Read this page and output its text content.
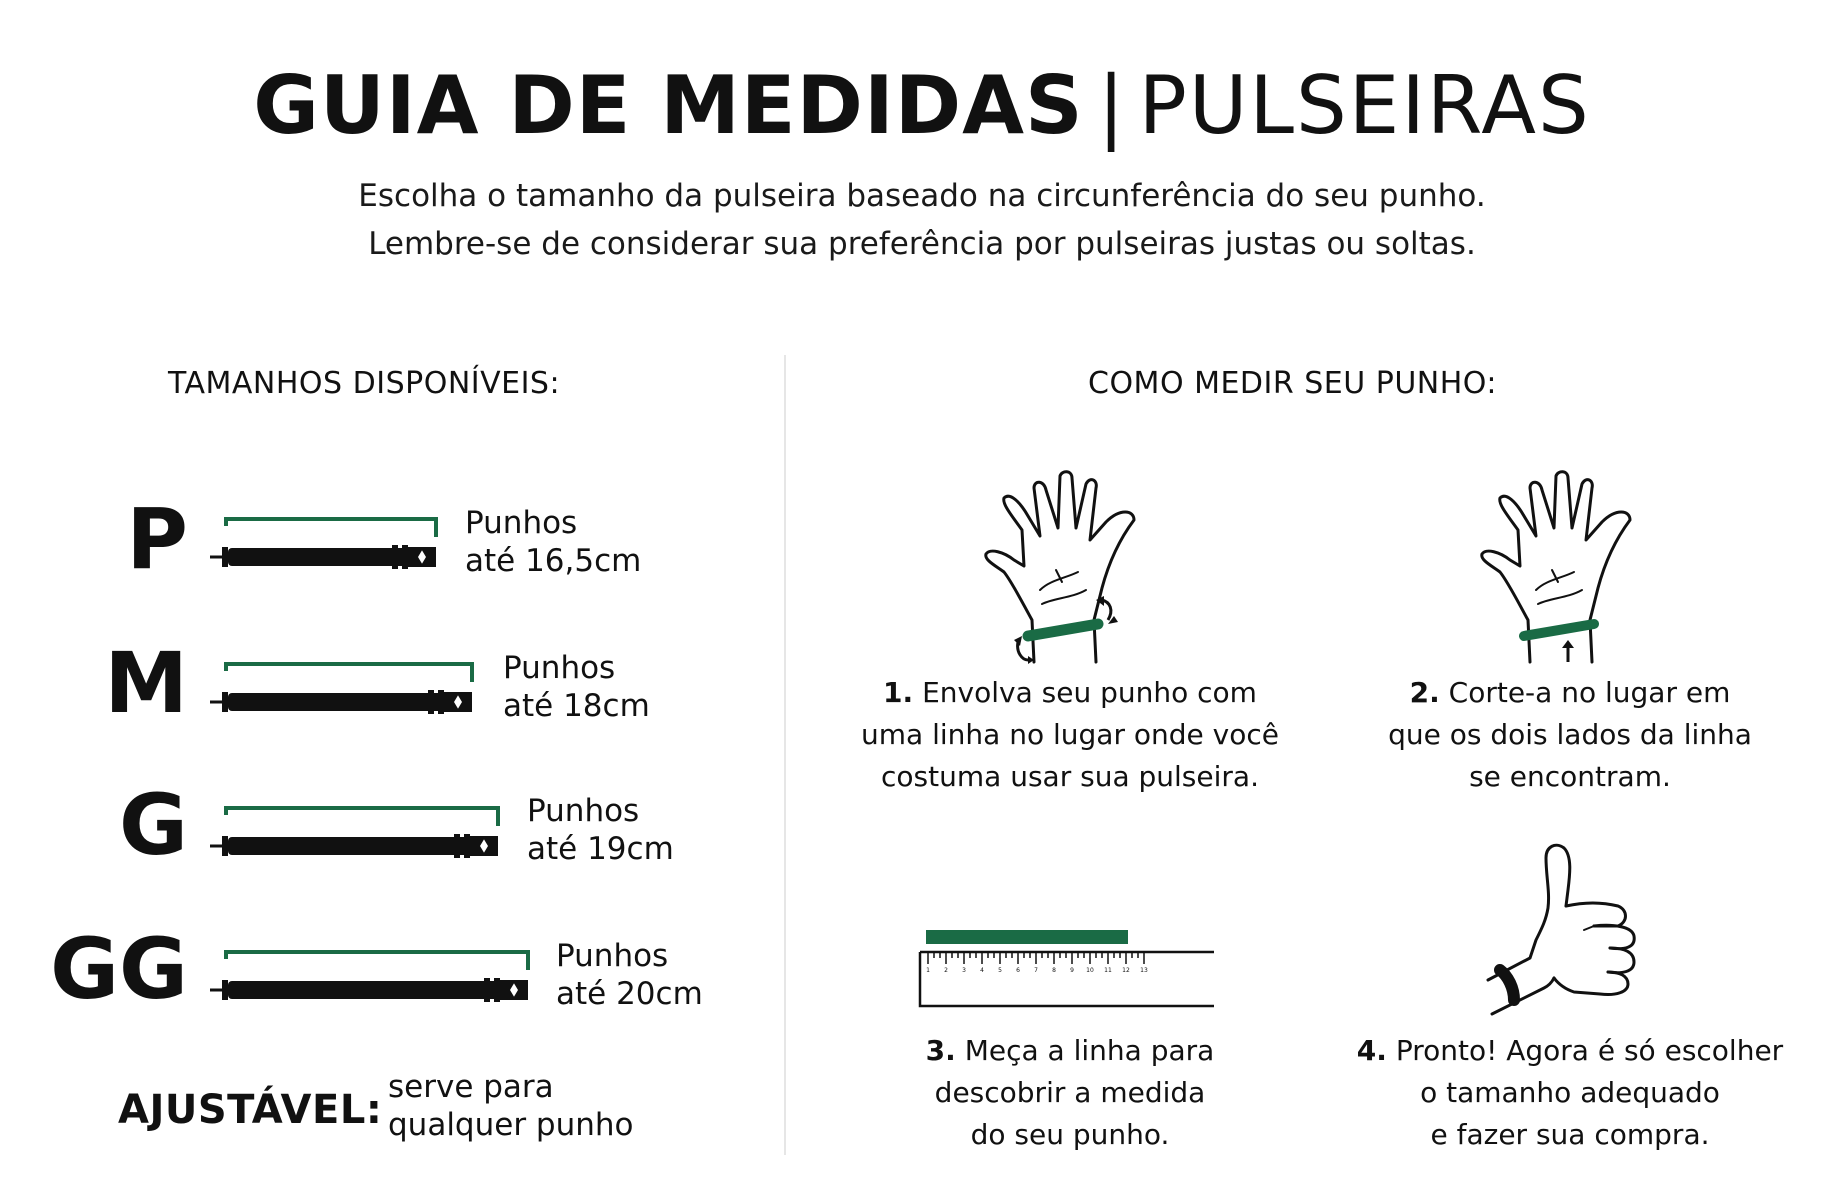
GUIA DE MEDIDAS | PULSEIRAS
Escolha o tamanho da pulseira baseado na circunferência do seu punho.
Lembre-se de considerar sua preferência por pulseiras justas ou soltas.
TAMANHOS DISPONÍVEIS:	COMO MEDIR SEU PUNHO:
P	Punhos
até 16,5cm
M	Punhos
até 18cm
G	Punhos
até 19cm
GG	Punhos
até 20cm
AJUSTÁVEL: serve para
qualquer punho
1 2 3 4 5 6 7 8 9 10 11 12 13
1. Envolva seu punho com
uma linha no lugar onde você
costuma usar sua pulseira.
2. Corte-a no lugar em
que os dois lados da linha
se encontram.
3. Meça a linha para
descobrir a medida
do seu punho.
4. Pronto! Agora é só escolher
o tamanho adequado
e fazer sua compra.
